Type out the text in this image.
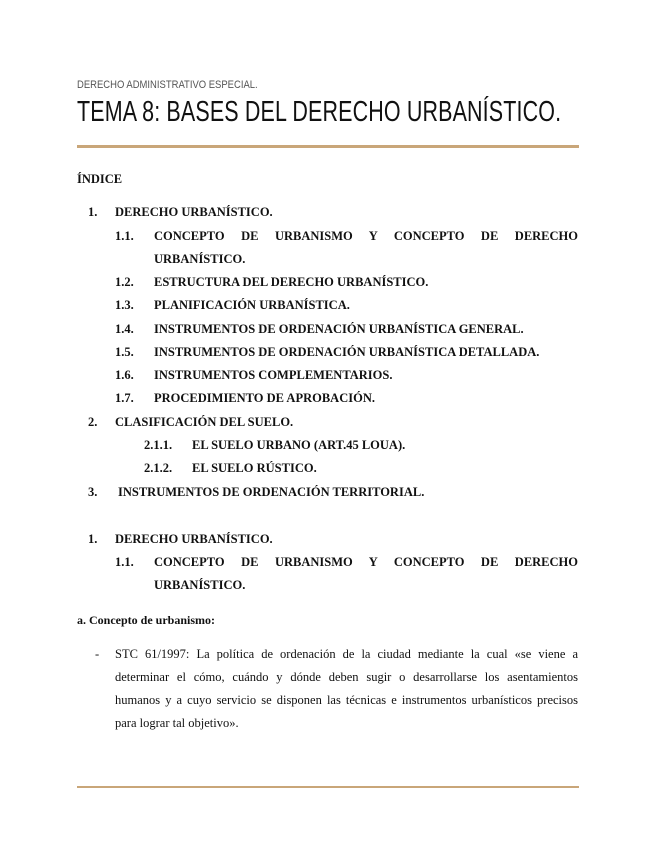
DERECHO ADMINISTRATIVO ESPECIAL.
TEMA 8: BASES DEL DERECHO URBANÍSTICO.
ÍNDICE
1. DERECHO URBANÍSTICO.
1.1. CONCEPTO DE URBANISMO Y CONCEPTO DE DERECHO
URBANÍSTICO.
1.2. ESTRUCTURA DEL DERECHO URBANÍSTICO.
1.3. PLANIFICACIÓN URBANÍSTICA.
1.4. INSTRUMENTOS DE ORDENACIÓN URBANÍSTICA GENERAL.
1.5. INSTRUMENTOS DE ORDENACIÓN URBANÍSTICA DETALLADA.
1.6. INSTRUMENTOS COMPLEMENTARIOS.
1.7. PROCEDIMIENTO DE APROBACIÓN.
2. CLASIFICACIÓN DEL SUELO.
2.1.1. EL SUELO URBANO (ART.45 LOUA).
2.1.2. EL SUELO RÚSTICO.
3. INSTRUMENTOS DE ORDENACIÓN TERRITORIAL.
1. DERECHO URBANÍSTICO.
1.1. CONCEPTO DE URBANISMO Y CONCEPTO DE DERECHO
URBANÍSTICO.
a. Concepto de urbanismo:
- STC 61/1997: La política de ordenación de la ciudad mediante la cual «se viene a
determinar el cómo, cuándo y dónde deben sugir o desarrollarse los asentamientos
humanos y a cuyo servicio se disponen las técnicas e instrumentos urbanísticos precisos
para lograr tal objetivo».
